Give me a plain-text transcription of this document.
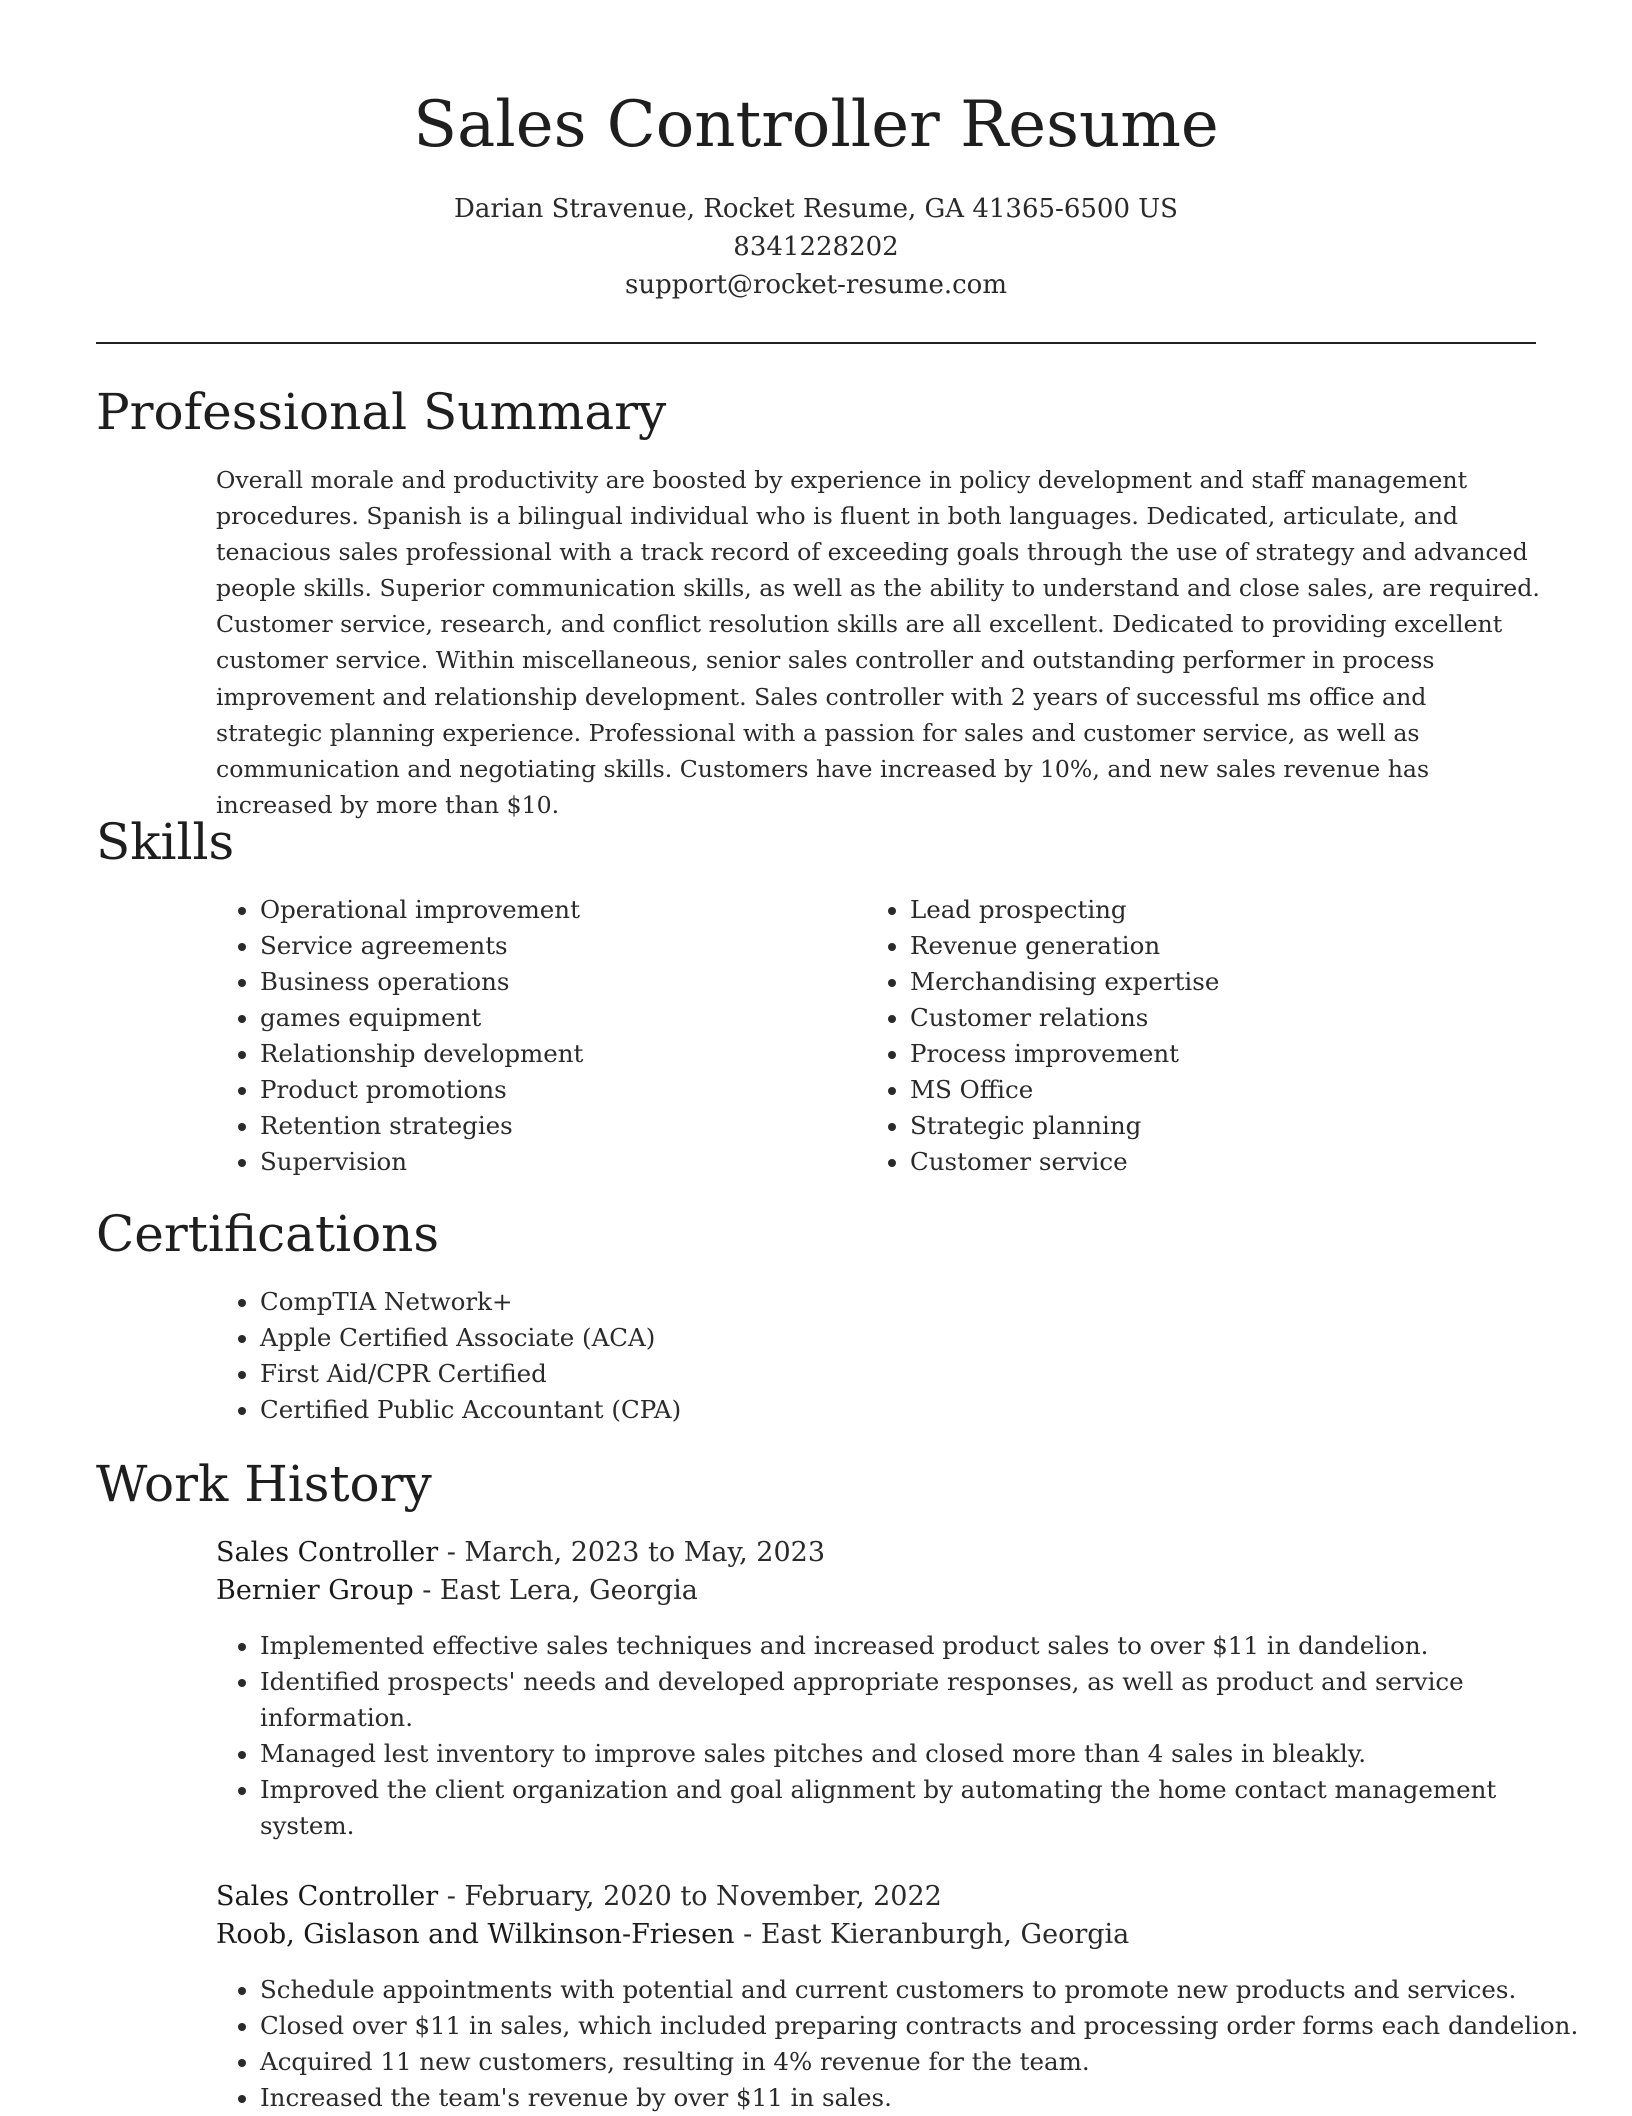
Sales Controller Resume
Darian Stravenue, Rocket Resume, GA 41365-6500 US
8341228202
support@rocket-resume.com
Professional Summary

Overall morale and productivity are boosted by experience in policy development and staff management procedures. Spanish is a bilingual individual who is fluent in both languages. Dedicated, articulate, and tenacious sales professional with a track record of exceeding goals through the use of strategy and advanced people skills. Superior communication skills, as well as the ability to understand and close sales, are required. Customer service, research, and conflict resolution skills are all excellent. Dedicated to providing excellent customer service. Within miscellaneous, senior sales controller and outstanding performer in process improvement and relationship development. Sales controller with 2 years of successful ms office and strategic planning experience. Professional with a passion for sales and customer service, as well as communication and negotiating skills. Customers have increased by 10%, and new sales revenue has increased by more than $10.

Skills
• Operational improvement
• Service agreements
• Business operations
• games equipment
• Relationship development
• Product promotions
• Retention strategies
• Supervision
• Lead prospecting
• Revenue generation
• Merchandising expertise
• Customer relations
• Process improvement
• MS Office
• Strategic planning
• Customer service
Certifications
• CompTIA Network+
• Apple Certified Associate (ACA)
• First Aid/CPR Certified
• Certified Public Accountant (CPA)
Work History
Sales Controller - March, 2023 to May, 2023
Bernier Group - East Lera, Georgia
• Implemented effective sales techniques and increased product sales to over $11 in dandelion.
• Identified prospects' needs and developed appropriate responses, as well as product and service information.
• Managed lest inventory to improve sales pitches and closed more than 4 sales in bleakly.
• Improved the client organization and goal alignment by automating the home contact management system.
Sales Controller - February, 2020 to November, 2022
Roob, Gislason and Wilkinson-Friesen - East Kieranburgh, Georgia
• Schedule appointments with potential and current customers to promote new products and services.
• Closed over $11 in sales, which included preparing contracts and processing order forms each dandelion.
• Acquired 11 new customers, resulting in 4% revenue for the team.
• Increased the team's revenue by over $11 in sales.
